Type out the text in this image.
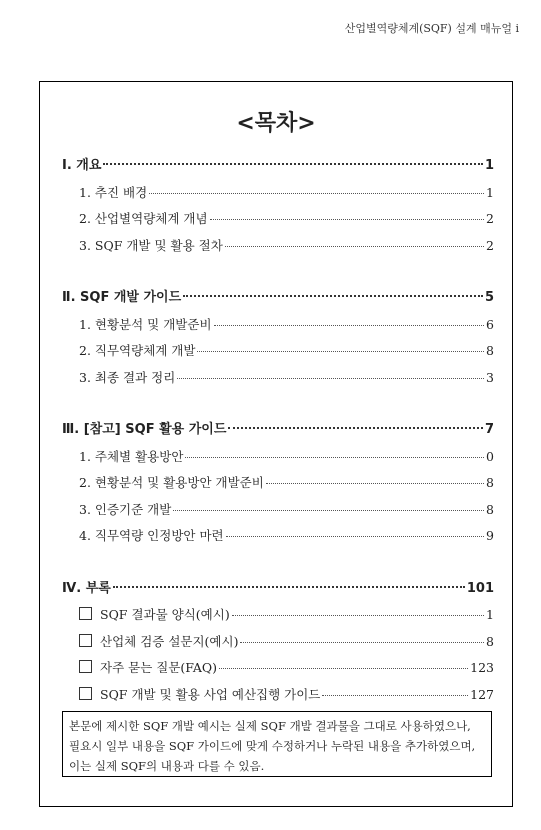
산업별역량체계(SQF) 설계 매뉴얼 i
<목차>
Ⅰ. 개요	1
1. 추진 배경	1
2. 산업별역량체계 개념	2
3. SQF 개발 및 활용 절차	2
Ⅱ. SQF 개발 가이드	5
1. 현황분석 및 개발준비	6
2. 직무역량체계 개발	8
3. 최종 결과 정리	3
Ⅲ. [참고] SQF 활용 가이드	7
1. 주체별 활용방안	0
2. 현황분석 및 활용방안 개발준비	8
3. 인증기준 개발	8
4. 직무역량 인정방안 마련	9
Ⅳ. 부록	101
SQF 결과물 양식(예시)	1
산업체 검증 설문지(예시)	8
자주 묻는 질문(FAQ)	123
SQF 개발 및 활용 사업 예산집행 가이드	127
본문에 제시한 SQF 개발 예시는 실제 SQF 개발 결과물을 그대로 사용하였으나, 필요시 일부 내용을 SQF 가이드에 맞게 수정하거나 누락된 내용을 추가하였으며, 이는 실제 SQF의 내용과 다를 수 있음.
